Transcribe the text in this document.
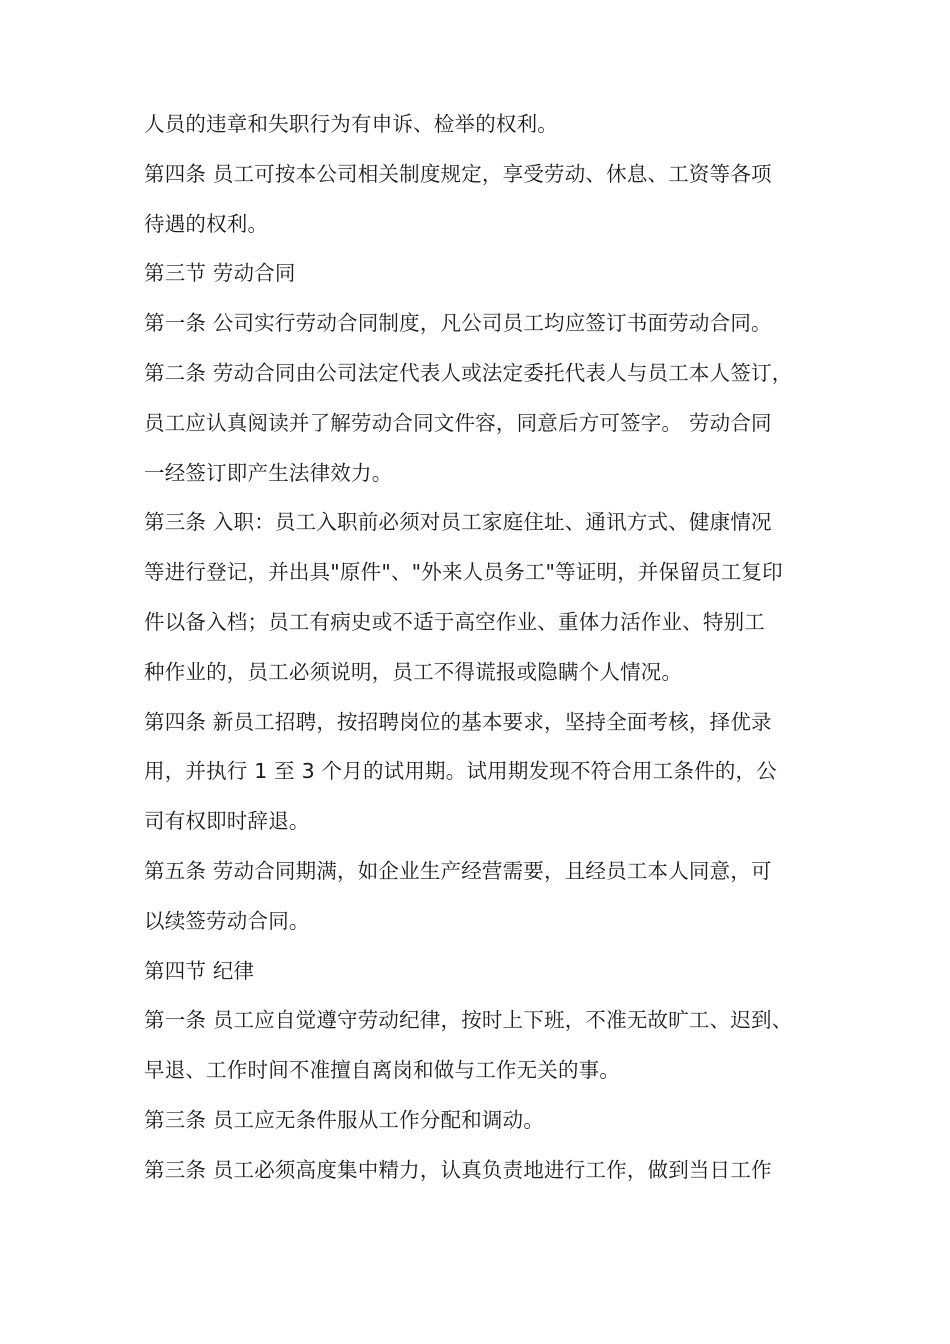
人员的违章和失职行为有申诉、检举的权利。
第四条 员工可按本公司相关制度规定，享受劳动、休息、工资等各项
待遇的权利。
第三节 劳动合同
第一条 公司实行劳动合同制度，凡公司员工均应签订书面劳动合同。
第二条 劳动合同由公司法定代表人或法定委托代表人与员工本人签订，
员工应认真阅读并了解劳动合同文件容，同意后方可签字。 劳动合同
一经签订即产生法律效力。
第三条 入职：员工入职前必须对员工家庭住址、通讯方式、健康情况
等进行登记，并出具"原件"、"外来人员务工"等证明，并保留员工复印
件以备入档；员工有病史或不适于高空作业、重体力活作业、特别工
种作业的，员工必须说明，员工不得谎报或隐瞒个人情况。
第四条 新员工招聘，按招聘岗位的基本要求，坚持全面考核，择优录
用，并执行 1 至 3 个月的试用期。试用期发现不符合用工条件的，公
司有权即时辞退。
第五条 劳动合同期满，如企业生产经营需要，且经员工本人同意，可
以续签劳动合同。
第四节 纪律
第一条 员工应自觉遵守劳动纪律，按时上下班，不准无故旷工、迟到、
早退、工作时间不准擅自离岗和做与工作无关的事。
第三条 员工应无条件服从工作分配和调动。
第三条 员工必须高度集中精力，认真负责地进行工作，做到当日工作
